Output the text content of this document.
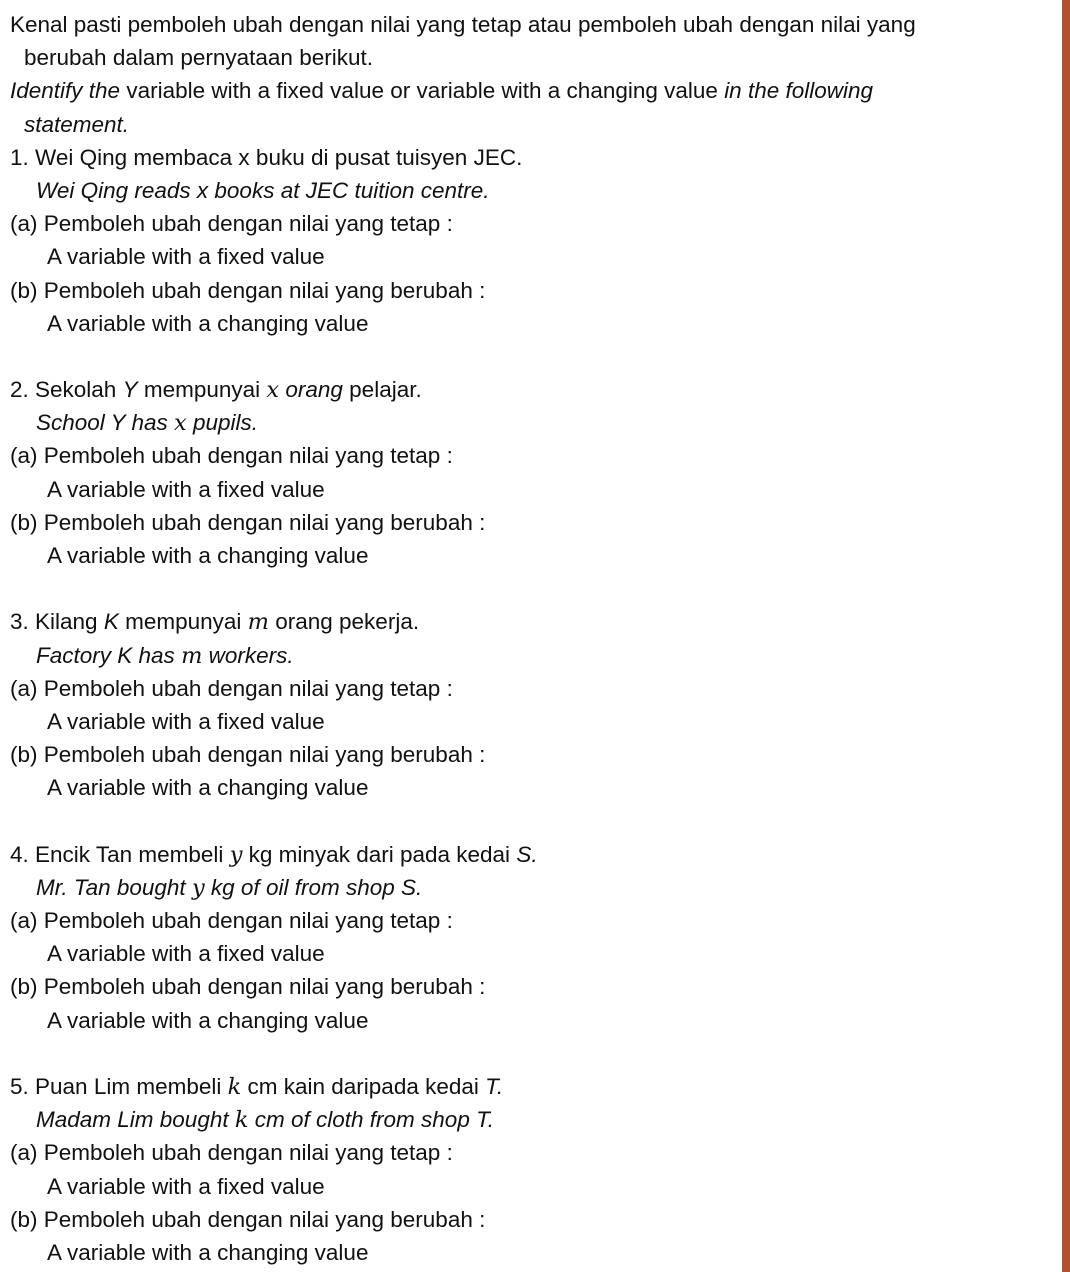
Kenal pasti pemboleh ubah dengan nilai yang tetap atau pemboleh ubah dengan nilai yang
berubah dalam pernyataan berikut.
Identify the variable with a fixed value or variable with a changing value in the following
statement.
1. Wei Qing membaca x buku di pusat tuisyen JEC.
Wei Qing reads x books at JEC tuition centre.
(a) Pemboleh ubah dengan nilai yang tetap :
A variable with a fixed value
(b) Pemboleh ubah dengan nilai yang berubah :
A variable with a changing value
2. Sekolah Y mempunyai x orang pelajar.
School Y has x pupils.
(a) Pemboleh ubah dengan nilai yang tetap :
A variable with a fixed value
(b) Pemboleh ubah dengan nilai yang berubah :
A variable with a changing value
3. Kilang K mempunyai m orang pekerja.
Factory K has m workers.
(a) Pemboleh ubah dengan nilai yang tetap :
A variable with a fixed value
(b) Pemboleh ubah dengan nilai yang berubah :
A variable with a changing value
4. Encik Tan membeli y kg minyak dari pada kedai S.
Mr. Tan bought y kg of oil from shop S.
(a) Pemboleh ubah dengan nilai yang tetap :
A variable with a fixed value
(b) Pemboleh ubah dengan nilai yang berubah :
A variable with a changing value
5. Puan Lim membeli k cm kain daripada kedai T.
Madam Lim bought k cm of cloth from shop T.
(a) Pemboleh ubah dengan nilai yang tetap :
A variable with a fixed value
(b) Pemboleh ubah dengan nilai yang berubah :
A variable with a changing value
